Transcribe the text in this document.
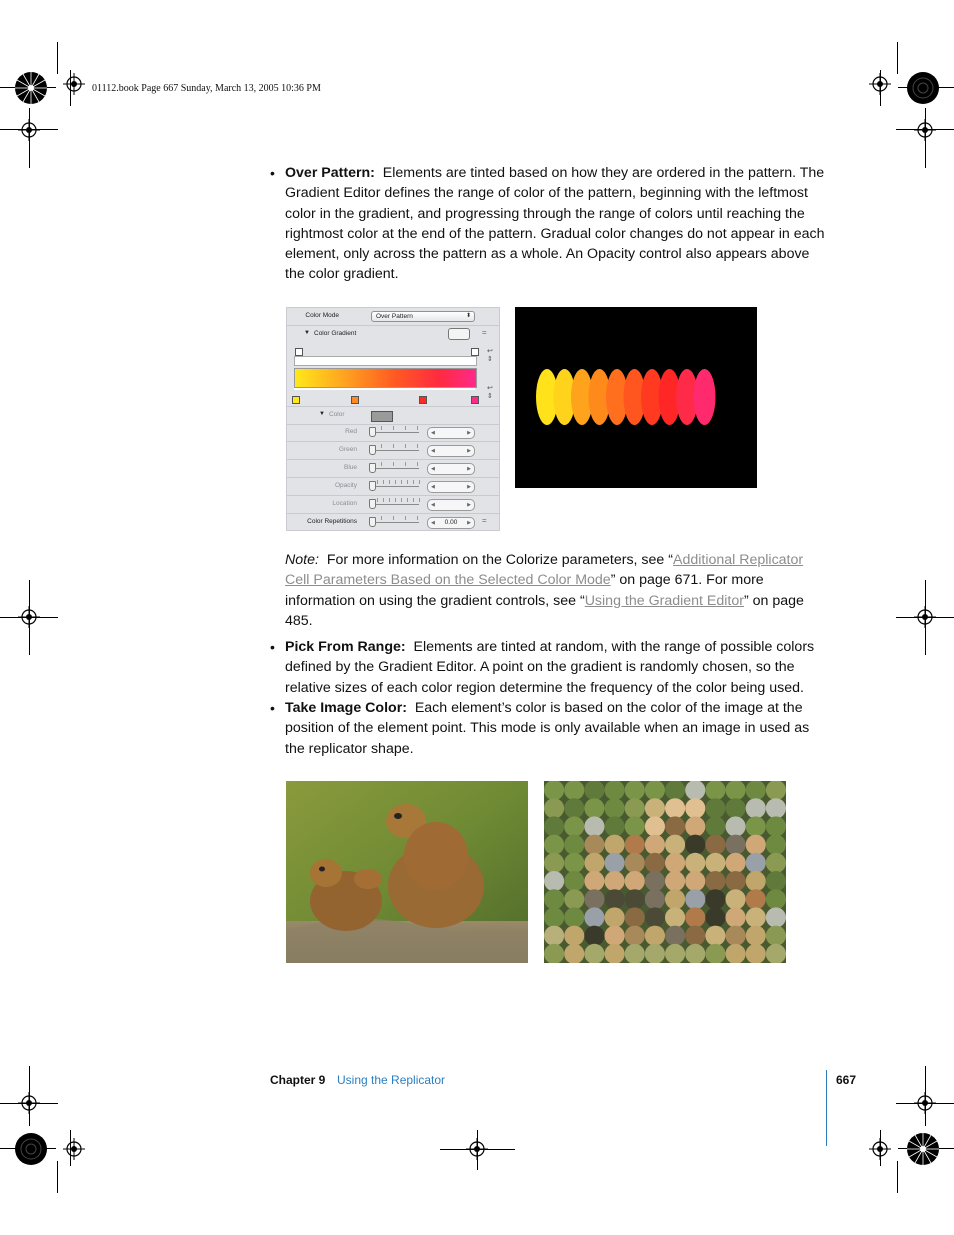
01112.book Page 667 Sunday, March 13, 2005 10:36 PM
• Over Pattern: Elements are tinted based on how they are ordered in the pattern. The Gradient Editor defines the range of color of the pattern, beginning with the leftmost color in the gradient, and progressing through the range of colors until reaching the rightmost color at the end of the pattern. Gradual color changes do not appear in each element, only across the pattern as a whole. An Opacity control also appears above the color gradient.
Color Mode	Over Pattern	⬍
▼ Color Gradient	=
↩
⇕
↩
⇕
▼ Color
Red	◀	▶
Green	◀	▶
Blue	◀	▶
Opacity	◀	▶
Location	◀	▶
Color Repetitions	◀ 0.00 ▶ =
Note: For more information on the Colorize parameters, see “Additional Replicator Cell Parameters Based on the Selected Color Mode” on page 671. For more information on using the gradient controls, see “Using the Gradient Editor” on page 485.
• Pick From Range: Elements are tinted at random, with the range of possible colors defined by the Gradient Editor. A point on the gradient is randomly chosen, so the relative sizes of each color region determine the frequency of the color being used.
• Take Image Color: Each element’s color is based on the color of the image at the position of the element point. This mode is only available when an image in used as the replicator shape.
Chapter 9 Using the Replicator	667
